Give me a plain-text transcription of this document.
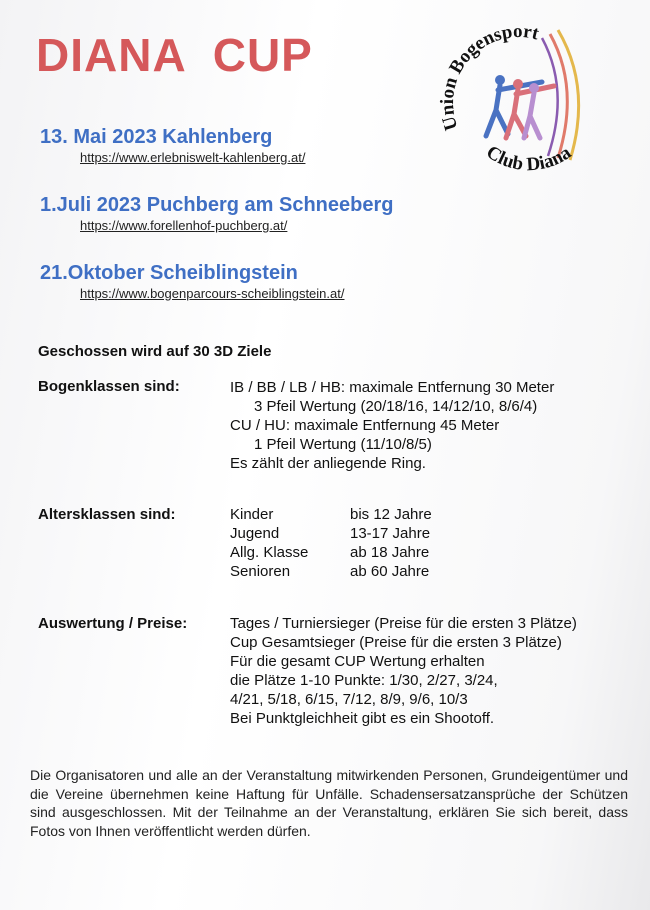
DIANA CUP
Union Bogensport
Club Diana
13. Mai 2023 Kahlenberg
https://www.erlebniswelt-kahlenberg.at/
1.Juli 2023 Puchberg am Schneeberg
https://www.forellenhof-puchberg.at/
21.Oktober Scheiblingstein
https://www.bogenparcours-scheiblingstein.at/
Geschossen wird auf 30 3D Ziele
Bogenklassen sind:	IB / BB / LB / HB: maximale Entfernung 30 Meter
3 Pfeil Wertung (20/18/16, 14/12/10, 8/6/4)
CU / HU: maximale Entfernung 45 Meter
1 Pfeil Wertung (11/10/8/5)
Es zählt der anliegende Ring.
Altersklassen sind:	Kinder	bis 12 Jahre
Jugend	13-17 Jahre
Allg. Klasse	ab 18 Jahre
Senioren	ab 60 Jahre
Auswertung / Preise:	Tages / Turniersieger (Preise für die ersten 3 Plätze)
Cup Gesamtsieger (Preise für die ersten 3 Plätze)
Für die gesamt CUP Wertung erhalten
die Plätze 1-10 Punkte: 1/30, 2/27, 3/24,
4/21, 5/18, 6/15, 7/12, 8/9, 9/6, 10/3
Bei Punktgleichheit gibt es ein Shootoff.
Die Organisatoren und alle an der Veranstaltung mitwirkenden Personen, Grundeigentümer und die Vereine übernehmen keine Haftung für Unfälle. Schadensersatzansprüche der Schützen sind ausgeschlossen. Mit der Teilnahme an der Veranstaltung, erklären Sie sich bereit, dass Fotos von Ihnen veröffentlicht werden dürfen.
